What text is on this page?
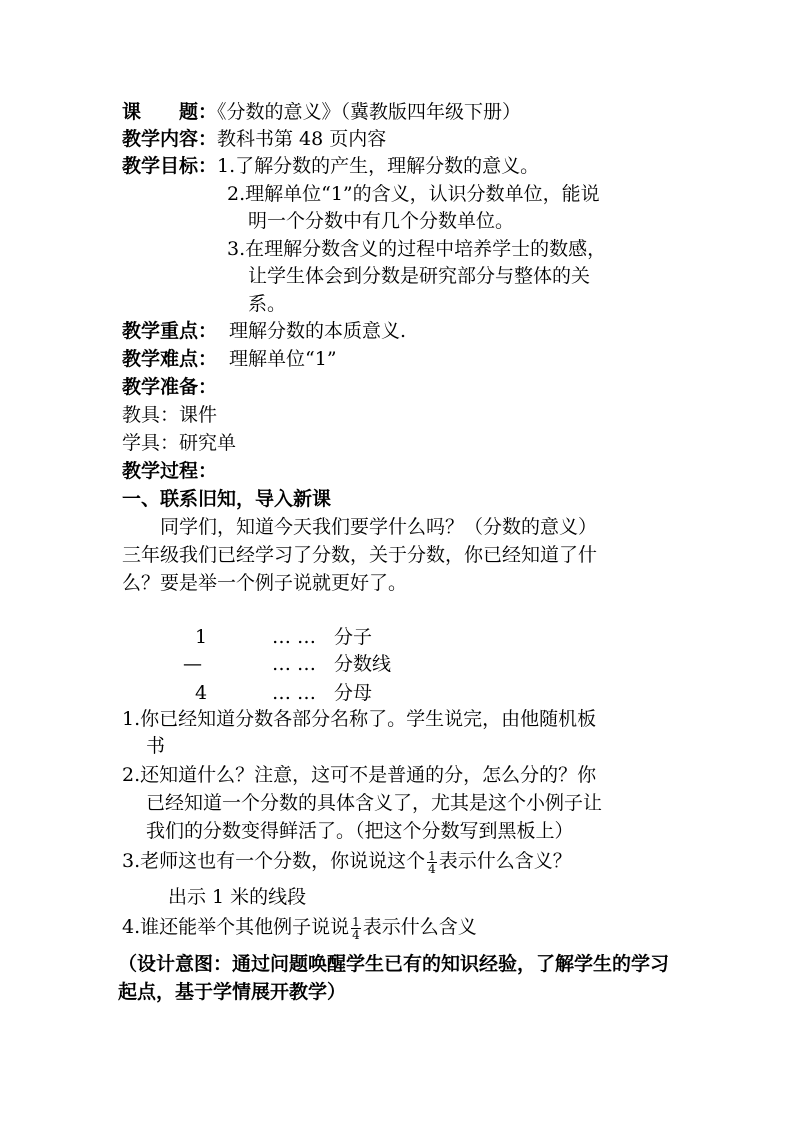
课　　题：《分数的意义》（冀教版四年级下册）
教学内容：教科书第 48 页内容
教学目标：1.了解分数的产生，理解分数的意义。
2.理解单位“1”的含义，认识分数单位，能说
明一个分数中有几个分数单位。
3.在理解分数含义的过程中培养学士的数感，
让学生体会到分数是研究部分与整体的关
系。
教学重点： 理解分数的本质意义.
教学难点： 理解单位“1”
教学准备：
教具：课件
学具：研究单
教学过程：
一、联系旧知，导入新课
同学们，知道今天我们要学什么吗？（分数的意义）
三年级我们已经学习了分数，关于分数，你已经知道了什
么？要是举一个例子说就更好了。
1
—
4
… …
… …
… …
分子
分数线
分母
1.你已经知道分数各部分名称了。学生说完，由他随机板
书
2.还知道什么？注意，这可不是普通的分，怎么分的？你
已经知道一个分数的具体含义了，尤其是这个小例子让
我们的分数变得鲜活了。（把这个分数写到黑板上）
3.老师这也有一个分数，你说说这个 $\frac{1}{4}$ 表示什么含义？
出示 1 米的线段
4.谁还能举个其他例子说说 $\frac{1}{4}$ 表示什么含义
（设计意图：通过问题唤醒学生已有的知识经验，了解学生的学习
起点，基于学情展开教学）
